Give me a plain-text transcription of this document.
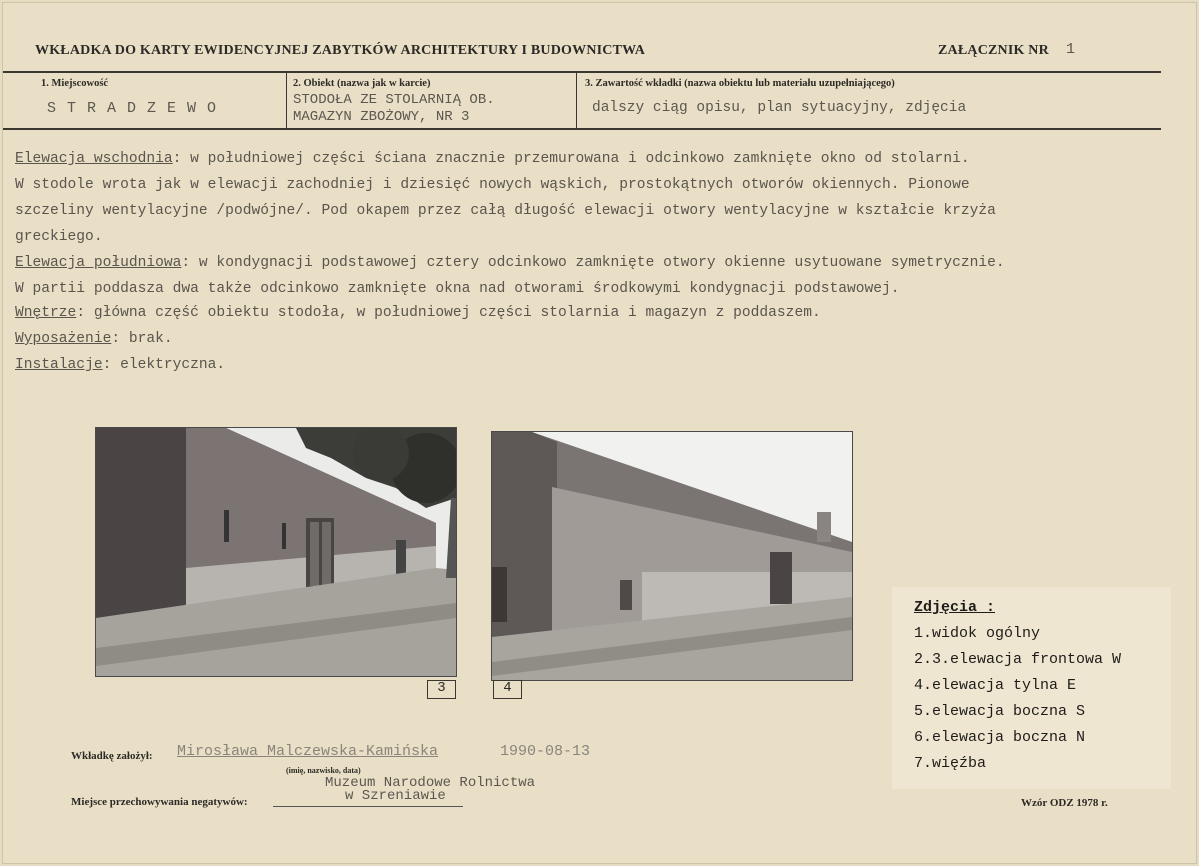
WKŁADKA DO KARTY EWIDENCYJNEJ ZABYTKÓW ARCHITEKTURY I BUDOWNICTWA	ZAŁĄCZNIK NR 1
1. Miejscowość
S T R A D Z E W O
2. Obiekt (nazwa jak w karcie)
STODOŁA ZE STOLARNIĄ OB.
MAGAZYN ZBOŻOWY, NR 3
3. Zawartość wkładki (nazwa obiektu lub materiału uzupełniającego)
dalszy ciąg opisu, plan sytuacyjny, zdjęcia
Elewacja wschodnia: w południowej części ściana znacznie przemurowana i odcinkowo zamknięte okno od stolarni.
W stodole wrota jak w elewacji zachodniej i dziesięć nowych wąskich, prostokątnych otworów okiennych. Pionowe
szczeliny wentylacyjne /podwójne/. Pod okapem przez całą długość elewacji otwory wentylacyjne w kształcie krzyża
greckiego.
Elewacja południowa: w kondygnacji podstawowej cztery odcinkowo zamknięte otwory okienne usytuowane symetrycznie.
W partii poddasza dwa także odcinkowo zamknięte okna nad otworami środkowymi kondygnacji podstawowej.
Wnętrze: główna część obiektu stodoła, w południowej części stolarnia i magazyn z poddaszem.
Wyposażenie: brak.
Instalacje: elektryczna.
3	4
Zdjęcia :
1.widok ogólny
2.3.elewacja frontowa W
4.elewacja tylna E
5.elewacja boczna S
6.elewacja boczna N
7.więźba
Wkładkę założył: Mirosława Malczewska-Kamińska	1990-08-13
(imię, nazwisko, data)
Miejsce przechowywania negatywów:
Muzeum Narodowe Rolnictwa
w Szreniawie	Wzór ODZ 1978 r.
